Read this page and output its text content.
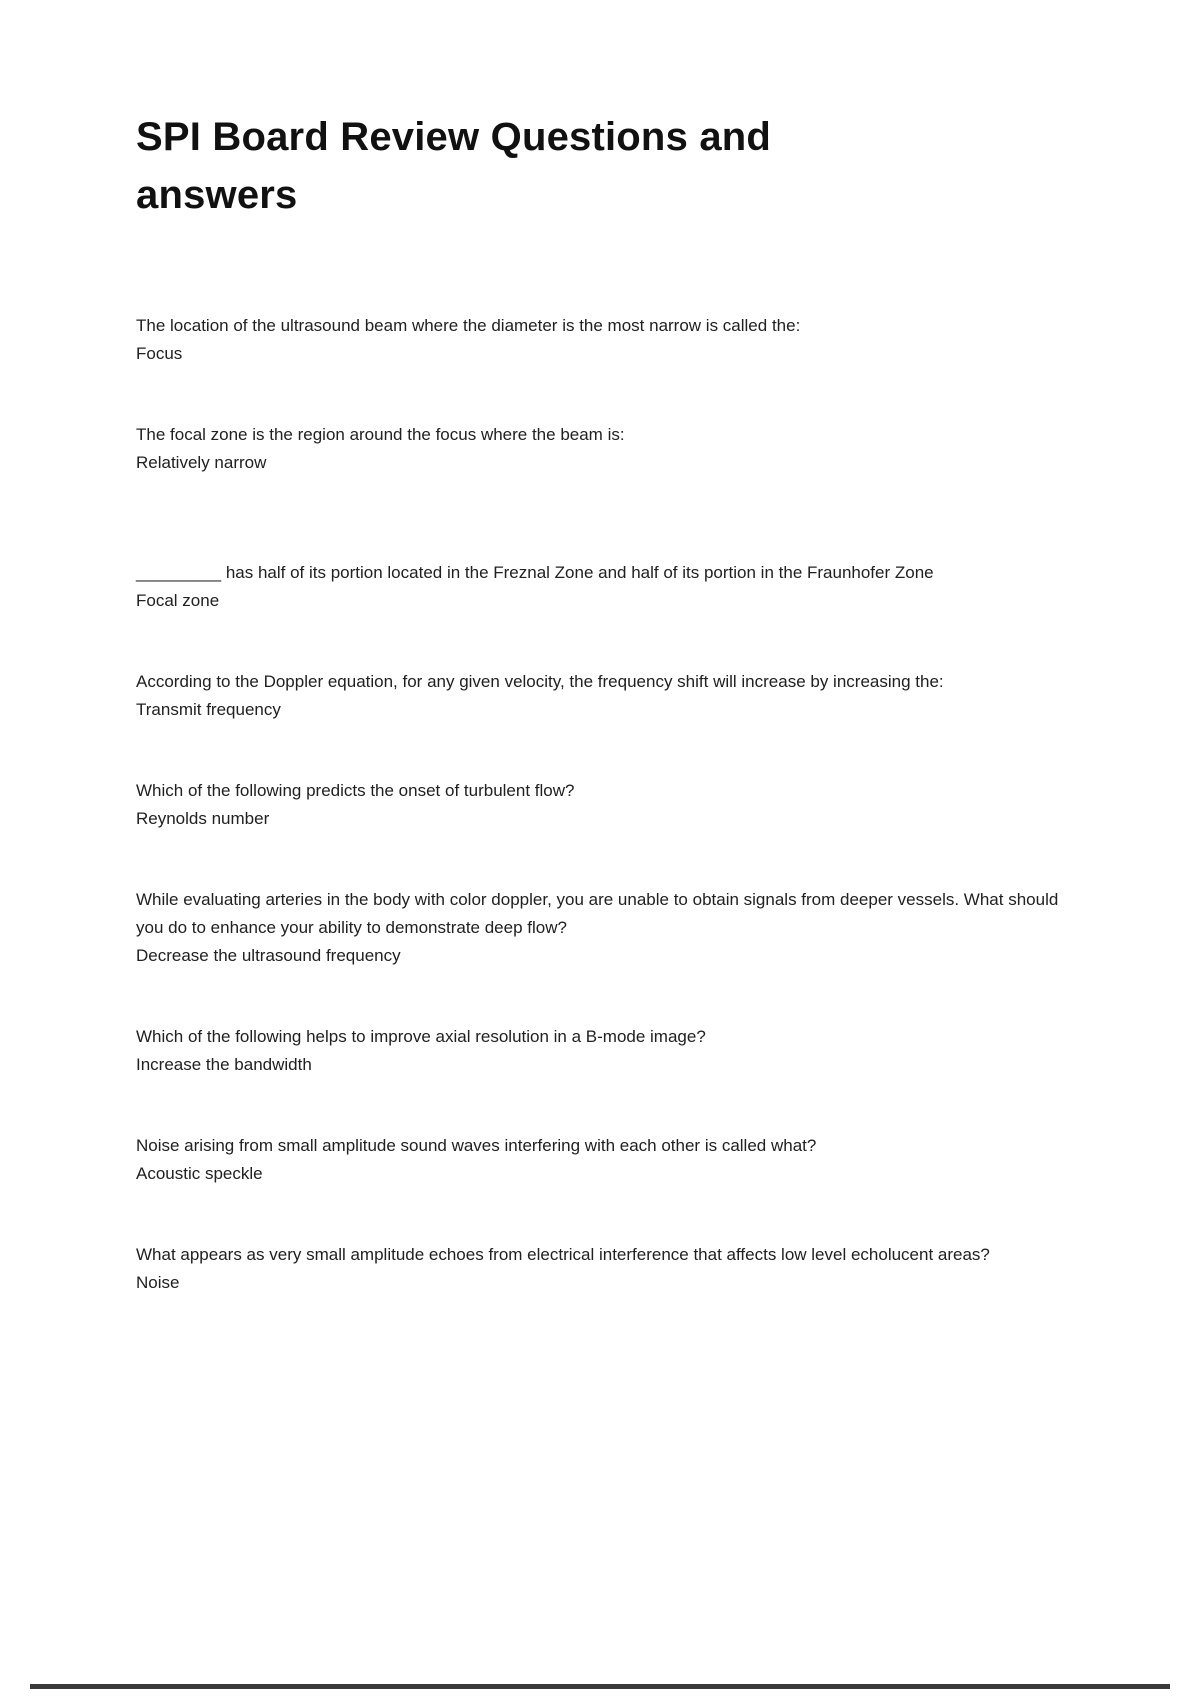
SPI Board Review Questions and
answers

The location of the ultrasound beam where the diameter is the most narrow is called the:

Focus

The focal zone is the region around the focus where the beam is:

Relatively narrow

_________ has half of its portion located in the Freznal Zone and half of its portion in the Fraunhofer Zone

Focal zone

According to the Doppler equation, for any given velocity, the frequency shift will increase by increasing the:

Transmit frequency

Which of the following predicts the onset of turbulent flow?

Reynolds number

While evaluating arteries in the body with color doppler, you are unable to obtain signals from deeper vessels. What should you do to enhance your ability to demonstrate deep flow?

Decrease the ultrasound frequency

Which of the following helps to improve axial resolution in a B-mode image?

Increase the bandwidth

Noise arising from small amplitude sound waves interfering with each other is called what?

Acoustic speckle

What appears as very small amplitude echoes from electrical interference that affects low level echolucent areas?

Noise
